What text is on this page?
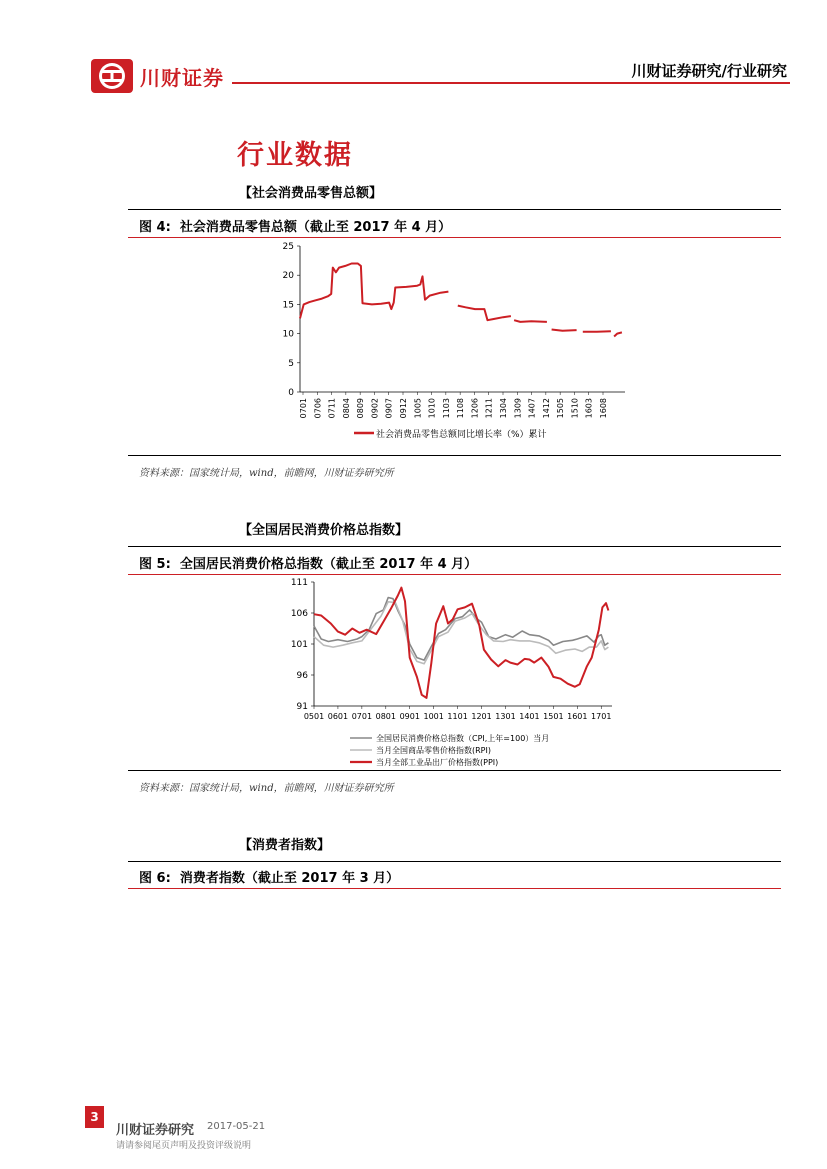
川财证券	川财证券研究/行业研究
行业数据
【社会消费品零售总额】
图 4: 社会消费品零售总额（截止至 2017 年 4 月）
25
20
15
10
5
0
0701 0706 0711 0804 0809 0902 0907 0912 1005 1010 1103 1108 1206 1211 1304 1309 1407 1412 1505 1510 1603 1608
社会消费品零售总额同比增长率（%）累计
资料来源：国家统计局，wind，前瞻网，川财证券研究所
【全国居民消费价格总指数】
图 5: 全国居民消费价格总指数（截止至 2017 年 4 月）
111
106
101
96
91
0501 0601 0701 0801 0901 1001 1101 1201 1301 1401 1501 1601 1701
全国居民消费价格总指数（CPI,上年=100）当月
当月全国商品零售价格指数(RPI)
当月全部工业品出厂价格指数(PPI)
资料来源：国家统计局，wind，前瞻网，川财证券研究所
【消费者指数】
图 6: 消费者指数（截止至 2017 年 3 月）
3
川财证券研究 2017-05-21
请请参阅尾页声明及投资评级说明
